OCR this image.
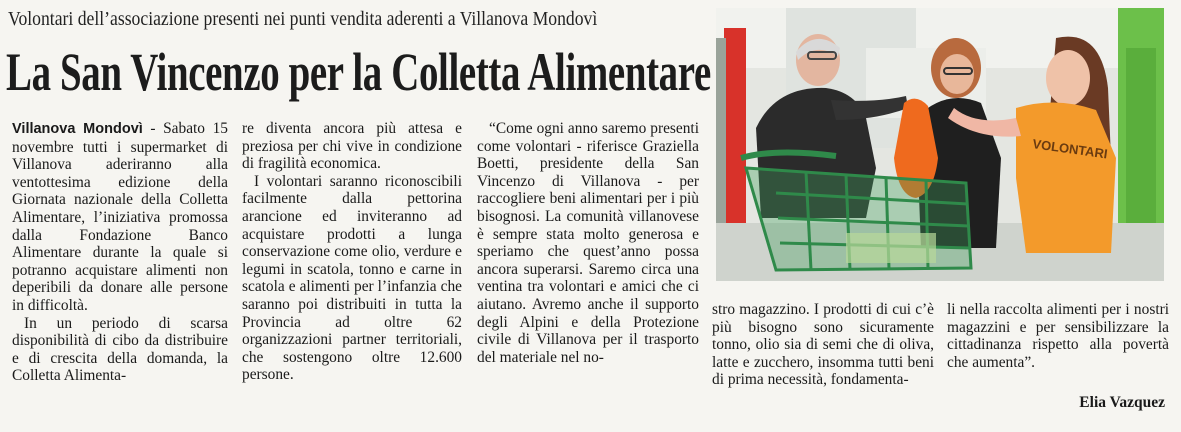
Volontari dell’associazione presenti nei punti vendita aderenti a Villanova Mondovì
La San Vincenzo per la Colletta Alimentare

Villanova Mondovì - Sabato 15 novembre tutti i supermarket di Villanova aderiranno alla ventottesima edizione della Giornata nazionale della Colletta Alimentare, l’iniziativa promossa dalla Fondazione Banco Alimentare durante la quale si potranno acquistare alimenti non deperibili da donare alle persone in difficoltà.

In un periodo di scarsa disponibilità di cibo da distribuire e di crescita della domanda, la Colletta Alimenta-

re diventa ancora più attesa e preziosa per chi vive in condizione di fragilità economica.

I volontari saranno riconoscibili facilmente dalla pettorina arancione ed inviteranno ad acquistare prodotti a lunga conservazione come olio, verdure e legumi in scatola, tonno e carne in scatola e alimenti per l’infanzia che saranno poi distribuiti in tutta la Provincia ad oltre 62 organizzazioni partner territoriali, che sostengono oltre 12.600 persone.

“Come ogni anno saremo presenti come volontari - riferisce Graziella Boetti, presidente della San Vincenzo di Villanova - per raccogliere beni alimentari per i più bisognosi. La comunità villanovese è sempre stata molto generosa e speriamo che quest’anno possa ancora superarsi. Saremo circa una ventina tra volontari e amici che ci aiutano. Avremo anche il supporto degli Alpini e della Protezione civile di Villanova per il trasporto del materiale nel no-

stro magazzino. I prodotti di cui c’è più bisogno sono sicuramente tonno, olio sia di semi che di oliva, latte e zucchero, insomma tutti beni di prima necessità, fondamenta-

li nella raccolta alimenti per i nostri magazzini e per sensibilizzare la cittadinanza rispetto alla povertà che aumenta”.

Elia Vazquez
VOLONTARI
